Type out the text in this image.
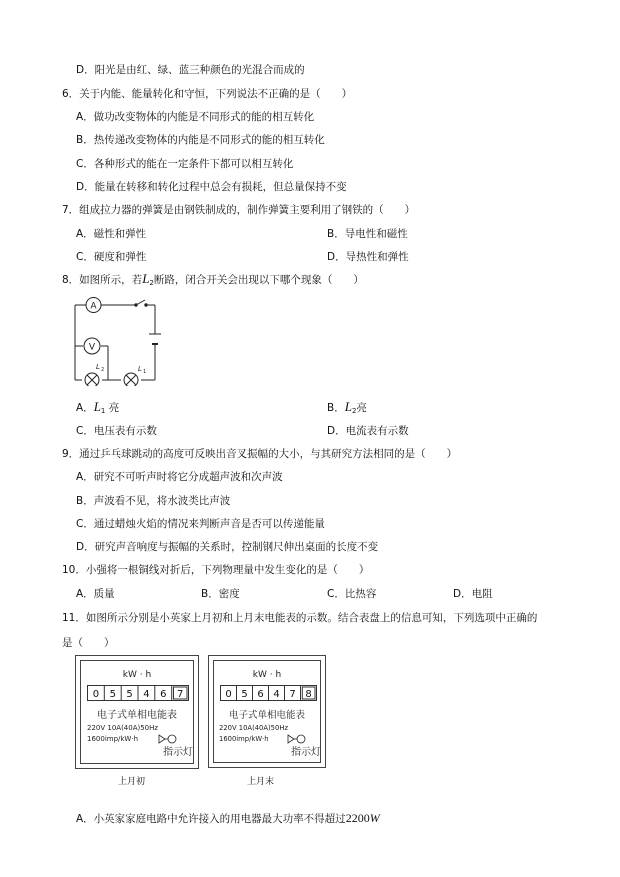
D．阳光是由红、绿、蓝三种颜色的光混合而成的
6．关于内能、能量转化和守恒，下列说法不正确的是（　　）
A．做功改变物体的内能是不同形式的能的相互转化
B．热传递改变物体的内能是不同形式的能的相互转化
C．各种形式的能在一定条件下都可以相互转化
D．能量在转移和转化过程中总会有损耗，但总量保持不变
7．组成拉力器的弹簧是由钢铁制成的，制作弹簧主要利用了钢铁的（　　）
A．磁性和弹性	B．导电性和磁性
C．硬度和弹性	D．导热性和弹性
8．如图所示，若$L_2$断路，闭合开关会出现以下哪个现象（　　）
A
V
L 2	L 1
A．$L_1$ 亮	B．$L_2$亮
C．电压表有示数	D．电流表有示数
9．通过乒乓球跳动的高度可反映出音叉振幅的大小，与其研究方法相同的是（　　）
A．研究不可听声时将它分成超声波和次声波
B．声波看不见，将水波类比声波
C．通过蜡烛火焰的情况来判断声音是否可以传递能量
D．研究声音响度与振幅的关系时，控制钢尺伸出桌面的长度不变
10．小强将一根铜线对折后，下列物理量中发生变化的是（　　）
A．质量	B．密度	C．比热容	D．电阻
11．如图所示分别是小英家上月初和上月末电能表的示数。结合表盘上的信息可知，下列选项中正确的
是（　　）
kW · h
0 5 5 4 6 7
电子式单相电能表
220V 10A(40A)50Hz
1600imp/kW·h
指示灯
上月初
kW · h
0 5 6 4 7 8
电子式单相电能表
220V 10A(40A)50Hz
1600imp/kW·h
指示灯
上月末
A．小英家家庭电路中允许接入的用电器最大功率不得超过2200W
